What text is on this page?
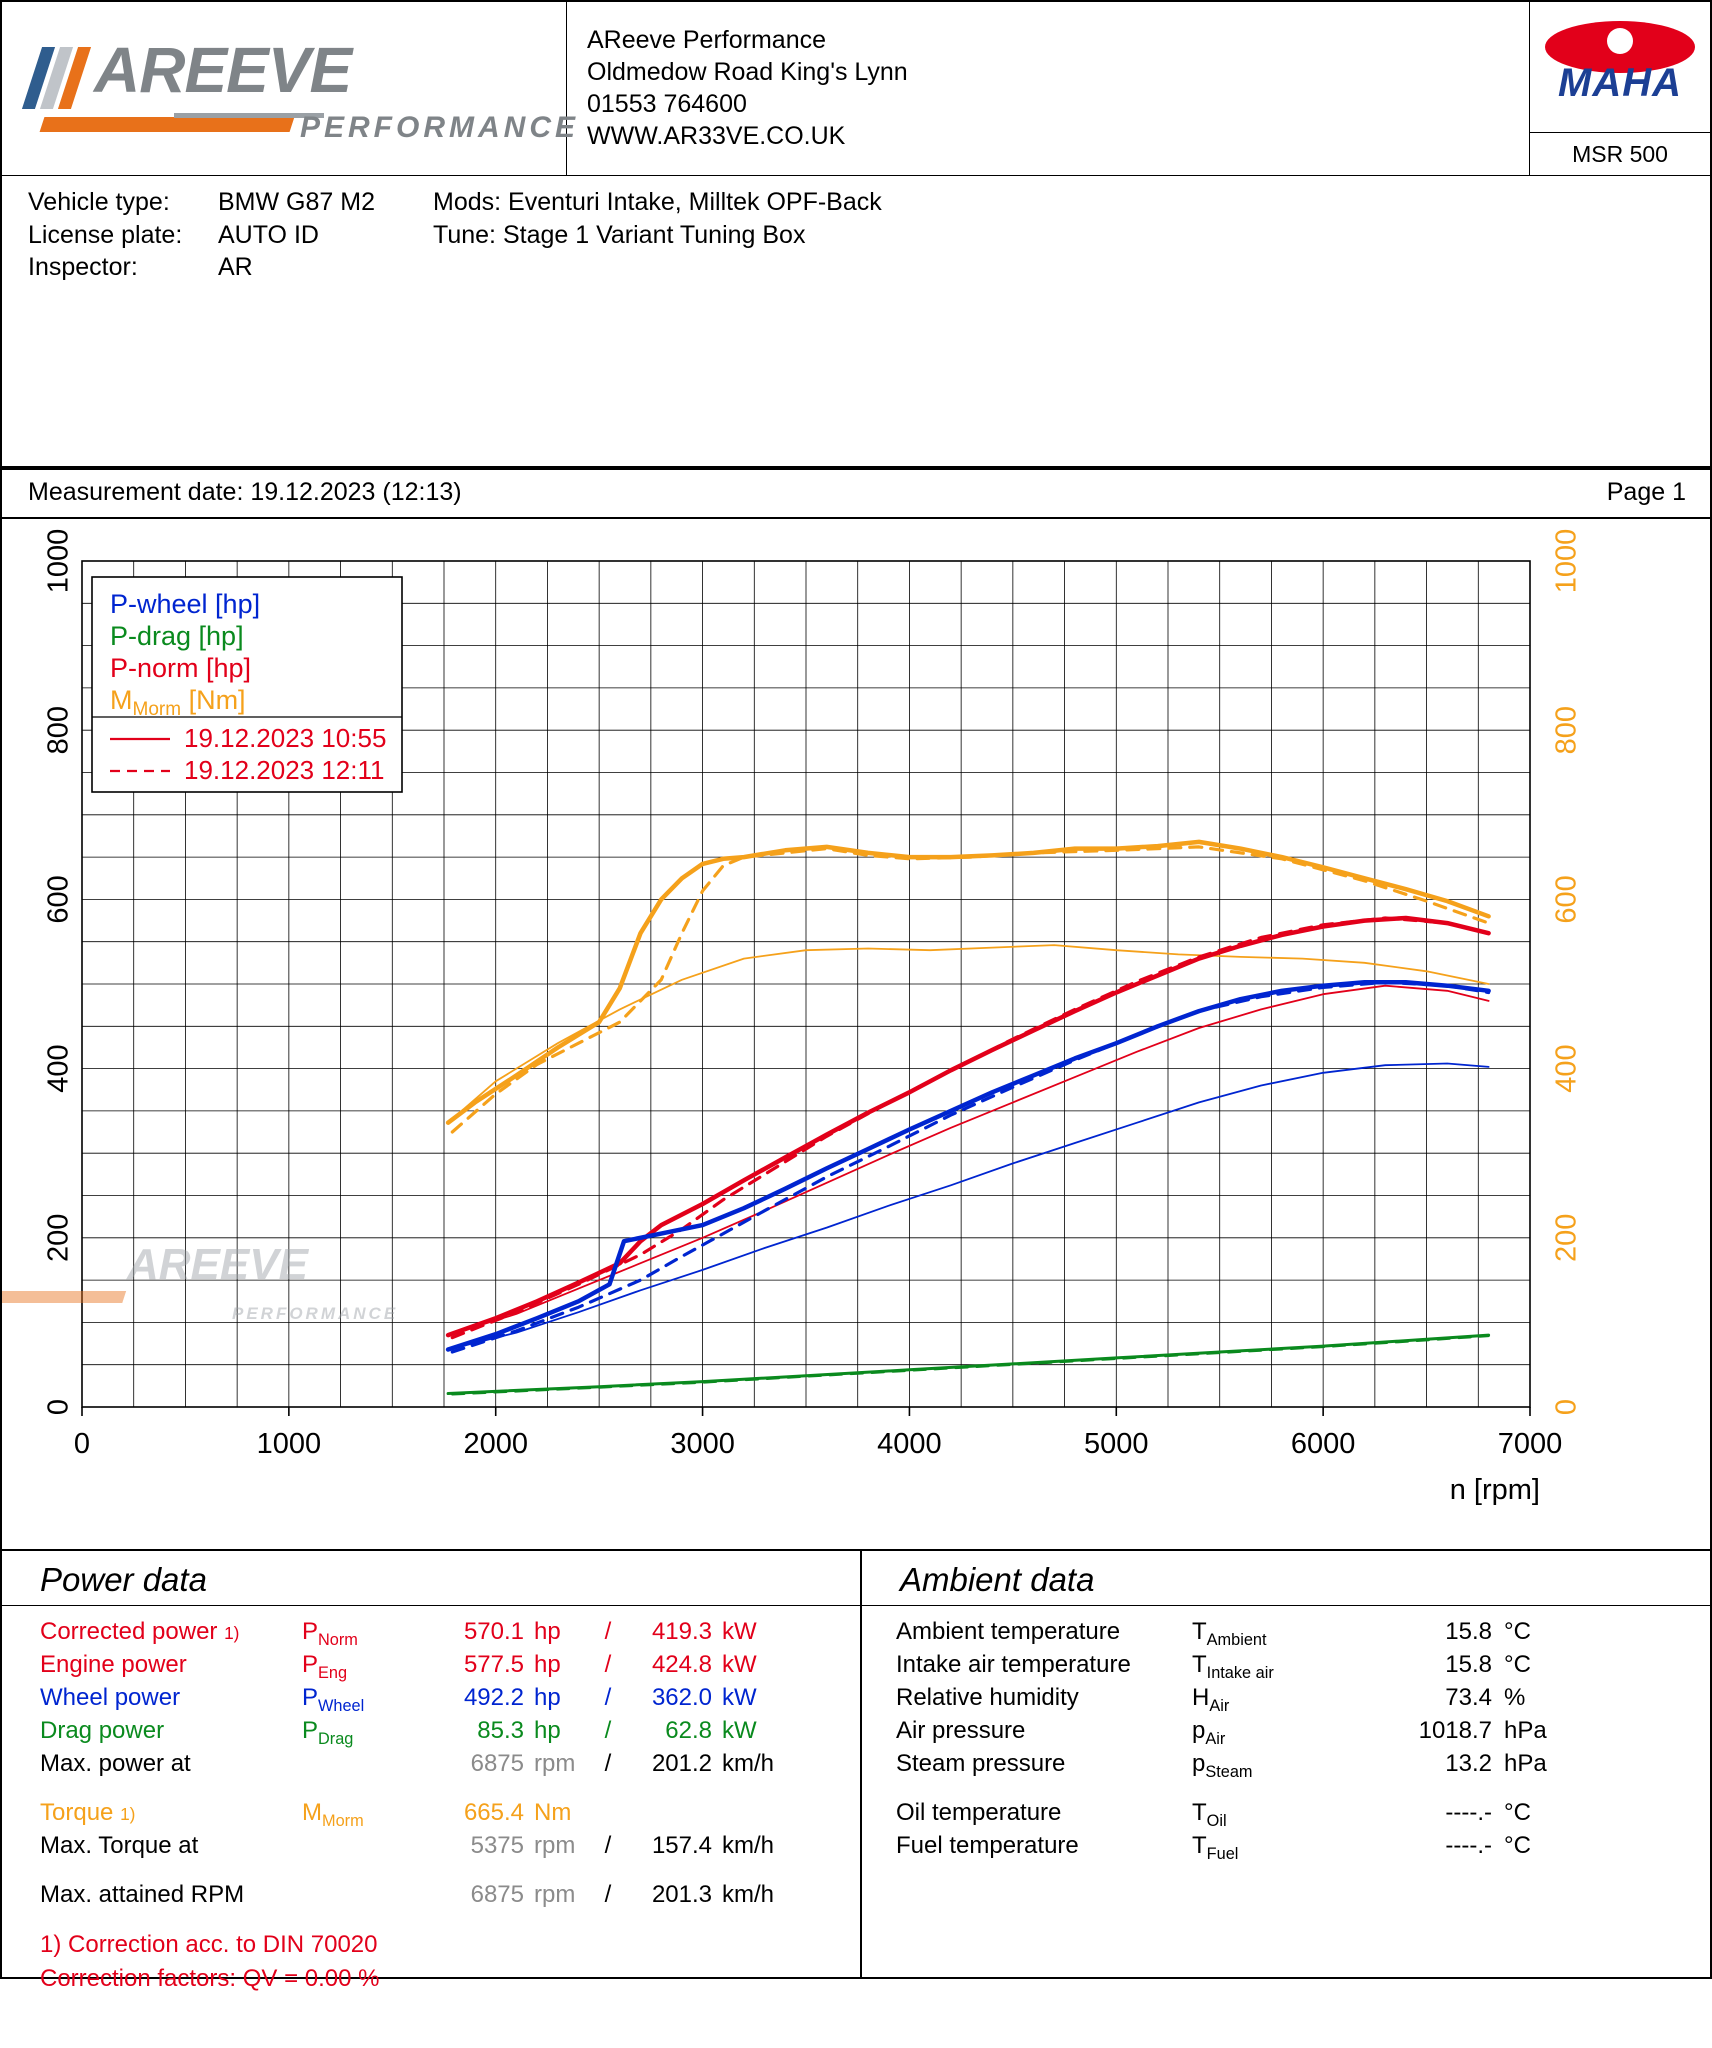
AREEVE
PERFORMANCE
AReeve Performance
Oldmedow Road King's Lynn
01553 764600
WWW.AR33VE.CO.UK
MAHA
MSR 500
Vehicle type:	BMW G87 M2	Mods: Eventuri Intake, Milltek OPF-Back
License plate:	AUTO ID	Tune: Stage 1 Variant Tuning Box
Inspector:	AR
Measurement date: 19.12.2023 (12:13)	Page 1
AREEVE
PERFORMANCE
0	1000	2000	3000	4000	5000	6000	7000
0
200
400
600
800
1000
0
200
400
600
800
1000
n [rpm]
P-wheel [hp]
P-drag [hp]
P-norm [hp]
MMorm [Nm]
19.12.2023 10:55
19.12.2023 12:11
Power data
Corrected power 1)	$P_{Norm}$	570.1 hp	/	419.3 kW
Engine power	$P_{Eng}$	577.5 hp	/	424.8 kW
Wheel power	$P_{Wheel}$	492.2 hp	/	362.0 kW
Drag power	$P_{Drag}$	85.3 hp	/	62.8 kW
Max. power at	6875 rpm	/	201.2 km/h
Torque 1)	$M_{Morm}$	665.4 Nm
Max. Torque at	5375 rpm	/	157.4 km/h
Max. attained RPM	6875 rpm	/	201.3 km/h
1) Correction acc. to DIN 70020
Correction factors: QV = 0.00 %
Ambient data
Ambient temperature	$T_{Ambient}$	15.8 °C
Intake air temperature	$T_{Intake air}$	15.8 °C
Relative humidity	$H_{Air}$	73.4 %
Air pressure	$p_{Air}$	1018.7 hPa
Steam pressure	$p_{Steam}$	13.2 hPa
Oil temperature	$T_{Oil}$	----.- °C
Fuel temperature	$T_{Fuel}$	----.- °C
